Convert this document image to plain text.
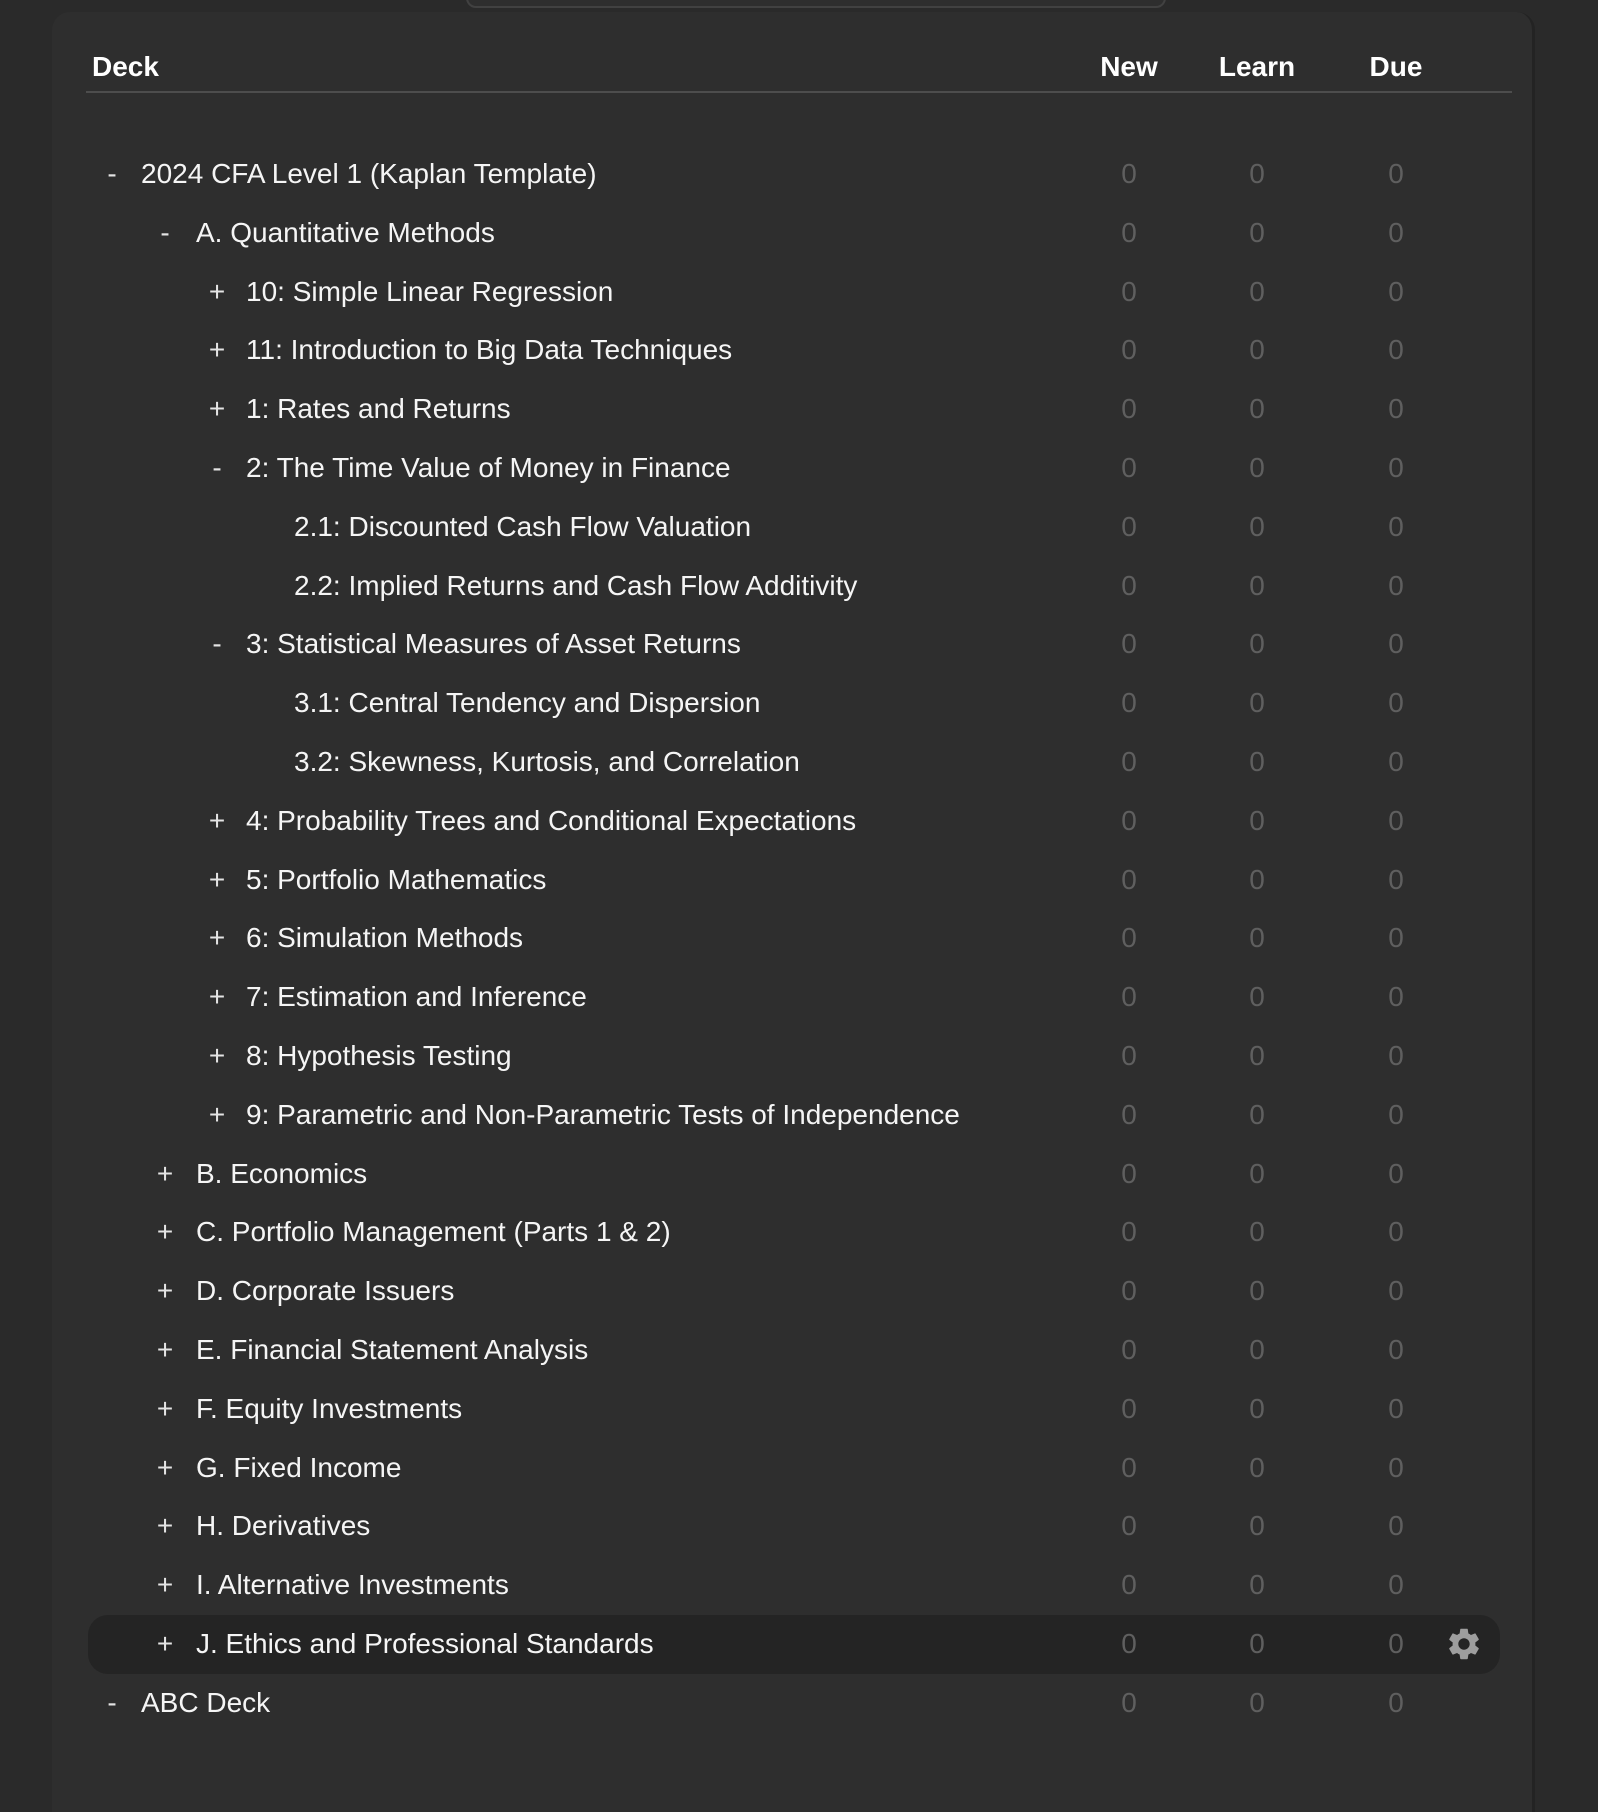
Deck	New	Learn	Due
- 2024 CFA Level 1 (Kaplan Template)	0	0	0
- A. Quantitative Methods	0	0	0
+ 10: Simple Linear Regression	0	0	0
+ 11: Introduction to Big Data Techniques	0	0	0
+ 1: Rates and Returns	0	0	0
- 2: The Time Value of Money in Finance	0	0	0
2.1: Discounted Cash Flow Valuation	0	0	0
2.2: Implied Returns and Cash Flow Additivity	0	0	0
- 3: Statistical Measures of Asset Returns	0	0	0
3.1: Central Tendency and Dispersion	0	0	0
3.2: Skewness, Kurtosis, and Correlation	0	0	0
+ 4: Probability Trees and Conditional Expectations	0	0	0
+ 5: Portfolio Mathematics	0	0	0
+ 6: Simulation Methods	0	0	0
+ 7: Estimation and Inference	0	0	0
+ 8: Hypothesis Testing	0	0	0
+ 9: Parametric and Non-Parametric Tests of Independence	0	0	0
+ B. Economics	0	0	0
+ C. Portfolio Management (Parts 1 & 2)	0	0	0
+ D. Corporate Issuers	0	0	0
+ E. Financial Statement Analysis	0	0	0
+ F. Equity Investments	0	0	0
+ G. Fixed Income	0	0	0
+ H. Derivatives	0	0	0
+ I. Alternative Investments	0	0	0
+ J. Ethics and Professional Standards	0	0	0
- ABC Deck	0	0	0
